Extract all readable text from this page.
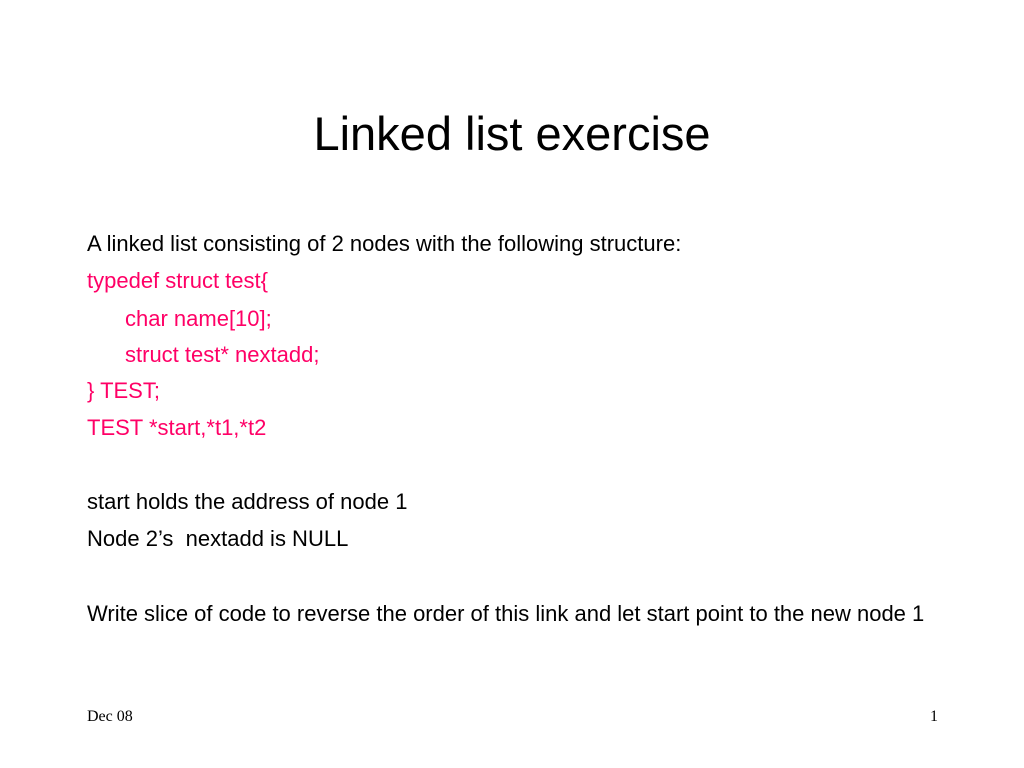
Linked list exercise

A linked list consisting of 2 nodes with the following structure:

typedef struct test{

char name[10];

struct test* nextadd;

} TEST;

TEST *start,*t1,*t2

start holds the address of node 1

Node 2’s  nextadd is NULL

Write slice of code to reverse the order of this link and let start point to the new node 1

Dec 08	1
